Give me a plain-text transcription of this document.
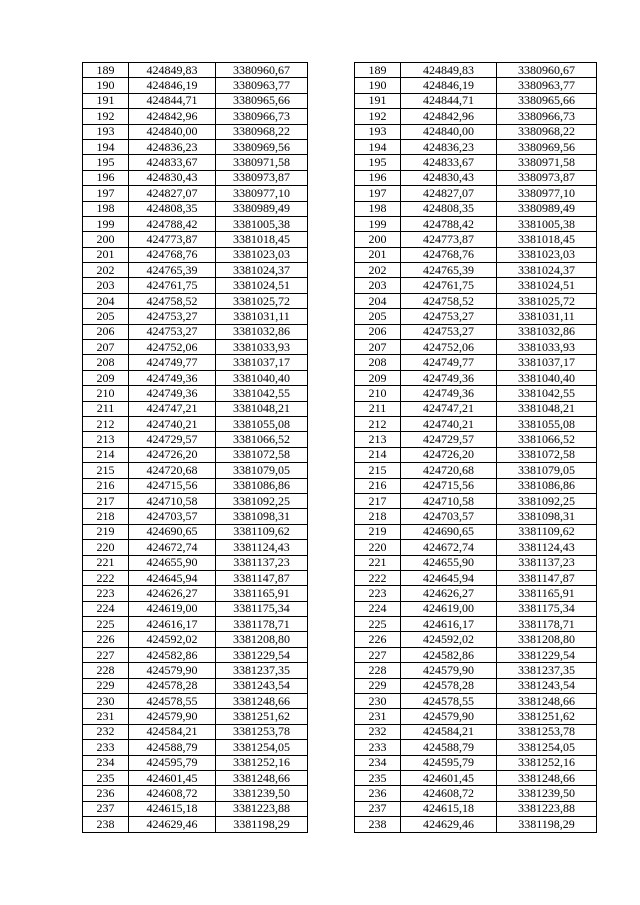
189	424849,83	3380960,67		189	424849,83	3380960,67
190	424846,19	3380963,77		190	424846,19	3380963,77
191	424844,71	3380965,66		191	424844,71	3380965,66
192	424842,96	3380966,73		192	424842,96	3380966,73
193	424840,00	3380968,22		193	424840,00	3380968,22
194	424836,23	3380969,56		194	424836,23	3380969,56
195	424833,67	3380971,58		195	424833,67	3380971,58
196	424830,43	3380973,87		196	424830,43	3380973,87
197	424827,07	3380977,10		197	424827,07	3380977,10
198	424808,35	3380989,49		198	424808,35	3380989,49
199	424788,42	3381005,38		199	424788,42	3381005,38
200	424773,87	3381018,45		200	424773,87	3381018,45
201	424768,76	3381023,03		201	424768,76	3381023,03
202	424765,39	3381024,37		202	424765,39	3381024,37
203	424761,75	3381024,51		203	424761,75	3381024,51
204	424758,52	3381025,72		204	424758,52	3381025,72
205	424753,27	3381031,11		205	424753,27	3381031,11
206	424753,27	3381032,86		206	424753,27	3381032,86
207	424752,06	3381033,93		207	424752,06	3381033,93
208	424749,77	3381037,17		208	424749,77	3381037,17
209	424749,36	3381040,40		209	424749,36	3381040,40
210	424749,36	3381042,55		210	424749,36	3381042,55
211	424747,21	3381048,21		211	424747,21	3381048,21
212	424740,21	3381055,08		212	424740,21	3381055,08
213	424729,57	3381066,52		213	424729,57	3381066,52
214	424726,20	3381072,58		214	424726,20	3381072,58
215	424720,68	3381079,05		215	424720,68	3381079,05
216	424715,56	3381086,86		216	424715,56	3381086,86
217	424710,58	3381092,25		217	424710,58	3381092,25
218	424703,57	3381098,31		218	424703,57	3381098,31
219	424690,65	3381109,62		219	424690,65	3381109,62
220	424672,74	3381124,43		220	424672,74	3381124,43
221	424655,90	3381137,23		221	424655,90	3381137,23
222	424645,94	3381147,87		222	424645,94	3381147,87
223	424626,27	3381165,91		223	424626,27	3381165,91
224	424619,00	3381175,34		224	424619,00	3381175,34
225	424616,17	3381178,71		225	424616,17	3381178,71
226	424592,02	3381208,80		226	424592,02	3381208,80
227	424582,86	3381229,54		227	424582,86	3381229,54
228	424579,90	3381237,35		228	424579,90	3381237,35
229	424578,28	3381243,54		229	424578,28	3381243,54
230	424578,55	3381248,66		230	424578,55	3381248,66
231	424579,90	3381251,62		231	424579,90	3381251,62
232	424584,21	3381253,78		232	424584,21	3381253,78
233	424588,79	3381254,05		233	424588,79	3381254,05
234	424595,79	3381252,16		234	424595,79	3381252,16
235	424601,45	3381248,66		235	424601,45	3381248,66
236	424608,72	3381239,50		236	424608,72	3381239,50
237	424615,18	3381223,88		237	424615,18	3381223,88
238	424629,46	3381198,29		238	424629,46	3381198,29
